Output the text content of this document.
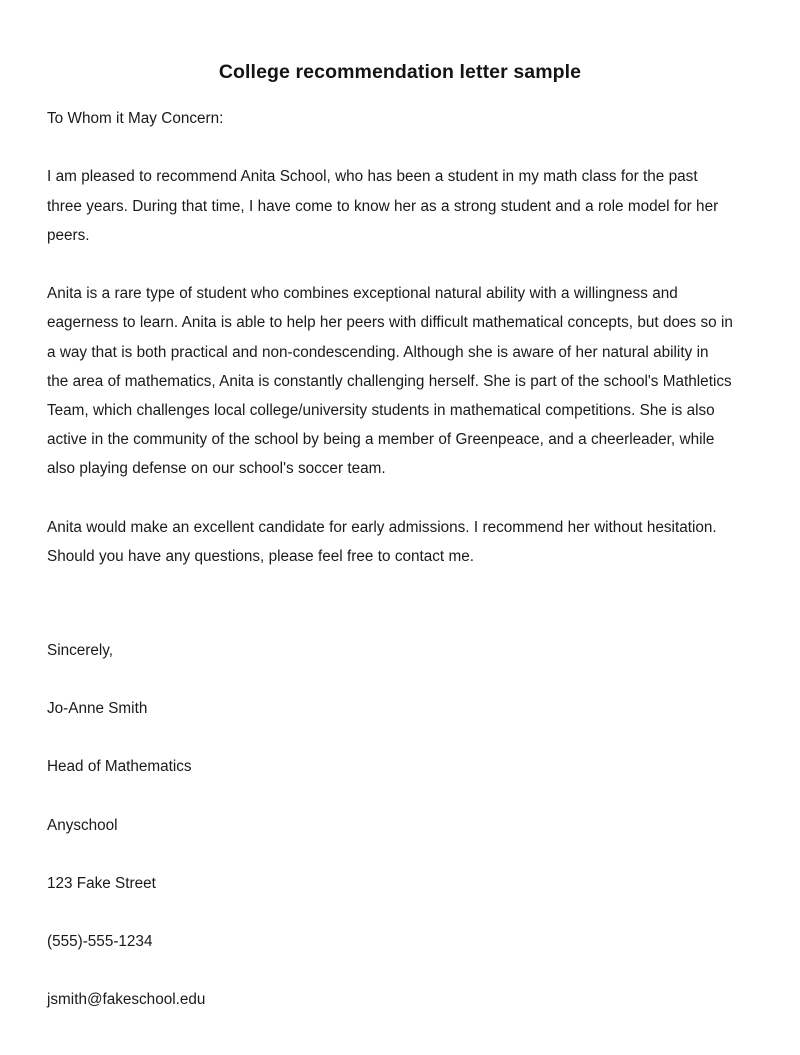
College recommendation letter sample

To Whom it May Concern:

I am pleased to recommend Anita School, who has been a student in my math class for the past three years. During that time, I have come to know her as a strong student and a role model for her peers.

Anita is a rare type of student who combines exceptional natural ability with a willingness and eagerness to learn. Anita is able to help her peers with difficult mathematical concepts, but does so in a way that is both practical and non-condescending. Although she is aware of her natural ability in the area of mathematics, Anita is constantly challenging herself. She is part of the school's Mathletics Team, which challenges local college/university students in mathematical competitions. She is also active in the community of the school by being a member of Greenpeace, and a cheerleader, while also playing defense on our school's soccer team.

Anita would make an excellent candidate for early admissions. I recommend her without hesitation. Should you have any questions, please feel free to contact me.

Sincerely,
Jo-Anne Smith
Head of Mathematics
Anyschool
123 Fake Street
(555)-555-1234
jsmith@fakeschool.edu
